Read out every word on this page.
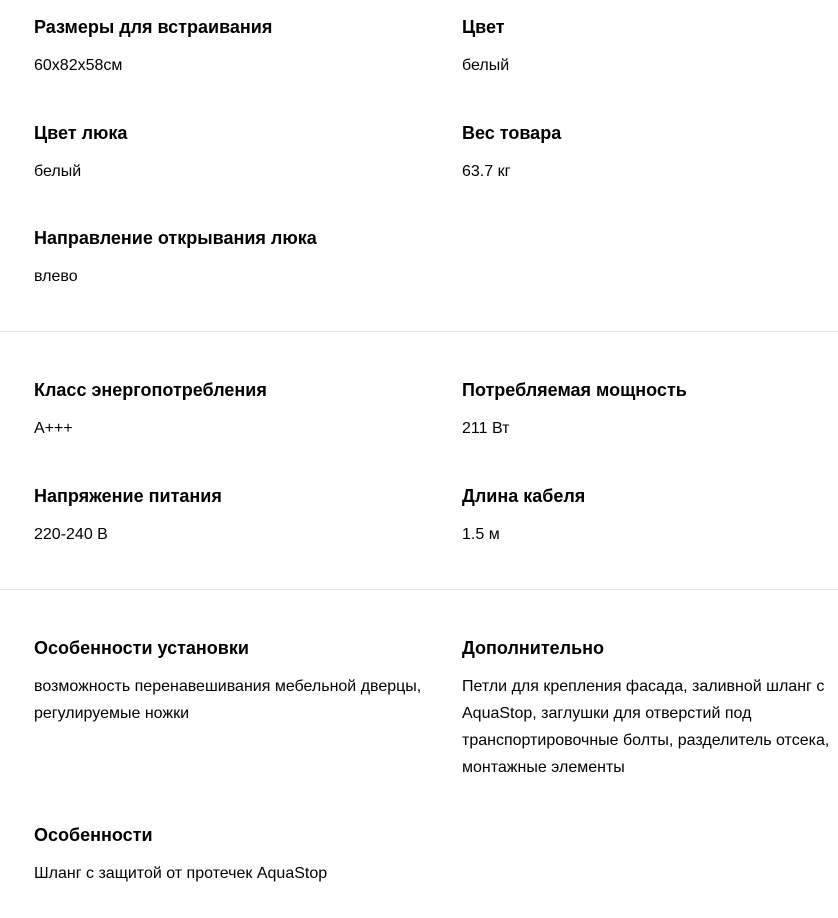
Размеры для встраивания
60x82x58см
Цвет
белый
Цвет люка
белый
Вес товара
63.7 кг
Направление открывания люка
влево
Класс энергопотребления
A+++
Потребляемая мощность
211 Вт
Напряжение питания
220-240 В
Длина кабеля
1.5 м
Особенности установки
возможность перенавешивания мебельной дверцы, регулируемые ножки
Дополнительно
Петли для крепления фасада, заливной шланг с AquaStop, заглушки для отверстий под транспортировочные болты, разделитель отсека, монтажные элементы
Особенности
Шланг с защитой от протечек AquaStop
